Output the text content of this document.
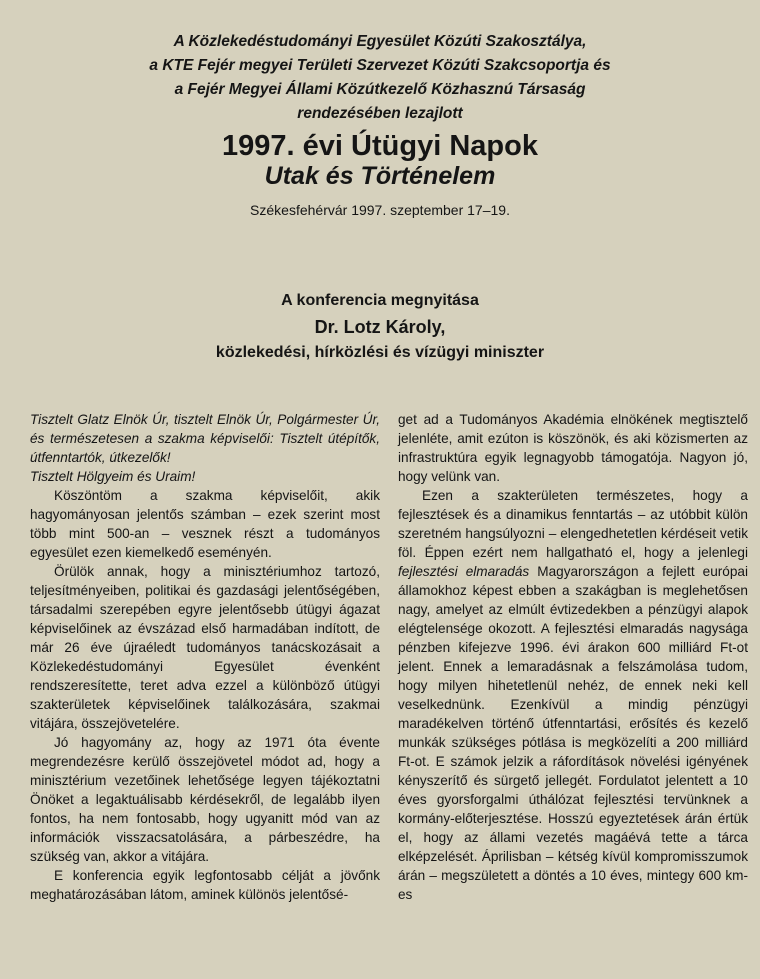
A Közlekedéstudományi Egyesület Közúti Szakosztálya,

a KTE Fejér megyei Területi Szervezet Közúti Szakcsoportja és

a Fejér Megyei Állami Közútkezelő Közhasznú Társaság

rendezésében lezajlott

1997. évi Útügyi Napok
Utak és Történelem

Székesfehérvár 1997. szeptember 17–19.

A konferencia megnyitása

Dr. Lotz Károly,

közlekedési, hírközlési és vízügyi miniszter

Tisztelt Glatz Elnök Úr, tisztelt Elnök Úr, Polgármester Úr, és természetesen a szakma képviselői: Tisztelt útépítők, útfenntartók, útkezelők!

Tisztelt Hölgyeim és Uraim!

Köszöntöm a szakma képviselőit, akik hagyományosan jelentős számban – ezek szerint most több mint 500-an – vesznek részt a tudományos egyesület ezen kiemelkedő eseményén.

Örülök annak, hogy a minisztériumhoz tartozó, teljesítményeiben, politikai és gazdasági jelentőségében, társadalmi szerepében egyre jelentősebb útügyi ágazat képviselőinek az évszázad első harmadában indított, de már 26 éve újraéledt tudományos tanácskozásait a Közlekedéstudományi Egyesület évenként rendszeresítette, teret adva ezzel a különböző útügyi szakterületek képviselőinek találkozására, szakmai vitájára, összejövetelére.

Jó hagyomány az, hogy az 1971 óta évente megrendezésre kerülő összejövetel módot ad, hogy a minisztérium vezetőinek lehetősége legyen tájékoztatni Önöket a legaktuálisabb kérdésekről, de legalább ilyen fontos, ha nem fontosabb, hogy ugyanitt mód van az információk visszacsatolására, a párbeszédre, ha szükség van, akkor a vitájára.

E konferencia egyik legfontosabb célját a jövőnk meghatározásában látom, aminek különös jelentősé-

get ad a Tudományos Akadémia elnökének megtisztelő jelenléte, amit ezúton is köszönök, és aki közismerten az infrastruktúra egyik legnagyobb támogatója. Nagyon jó, hogy velünk van.

Ezen a szakterületen természetes, hogy a fejlesztések és a dinamikus fenntartás – az utóbbit külön szeretném hangsúlyozni – elengedhetetlen kérdéseit vetik föl. Éppen ezért nem hallgatható el, hogy a jelenlegi fejlesztési elmaradás Magyarországon a fejlett európai államokhoz képest ebben a szakágban is meglehetősen nagy, amelyet az elmúlt évtizedekben a pénzügyi alapok elégtelensége okozott. A fejlesztési elmaradás nagysága pénzben kifejezve 1996. évi árakon 600 milliárd Ft-ot jelent. Ennek a lemaradásnak a felszámolása tudom, hogy milyen hihetetlenül nehéz, de ennek neki kell veselkednünk. Ezenkívül a mindig pénzügyi maradékelven történő útfenntartási, erősítés és kezelő munkák szükséges pótlása is megközelíti a 200 milliárd Ft-ot. E számok jelzik a ráfordítások növelési igényének kényszerítő és sürgető jellegét. Fordulatot jelentett a 10 éves gyorsforgalmi úthálózat fejlesztési tervünknek a kormány-előterjesztése. Hosszú egyeztetések árán értük el, hogy az állami vezetés magáévá tette a tárca elképzelését. Áprilisban – kétség kívül kompromisszumok árán – megszületett a döntés a 10 éves, mintegy 600 km-es
